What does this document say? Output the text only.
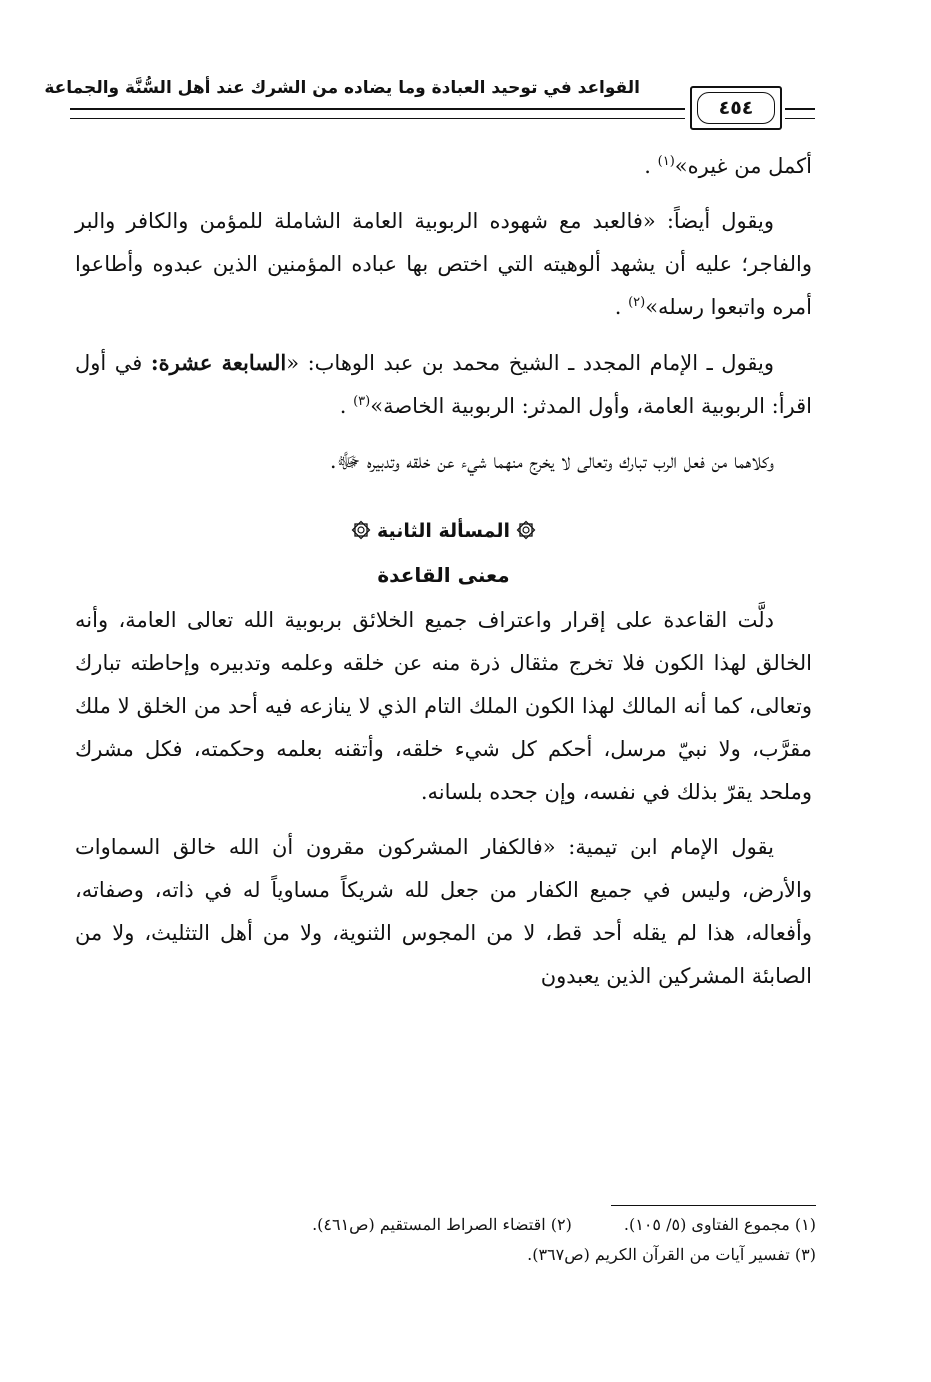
القواعد في توحيد العبادة وما يضاده من الشرك عند أهل السُّنَّة والجماعة
٤٥٤

أكمل من غيره»$^{(١)}$ .

ويقول أيضاً: «فالعبد مع شهوده الربوبية العامة الشاملة للمؤمن والكافر والبر والفاجر؛ عليه أن يشهد ألوهيته التي اختص بها عباده المؤمنين الذين عبدوه وأطاعوا أمره واتبعوا رسله»$^{(٢)}$ .

ويقول ـ الإمام المجدد ـ الشيخ محمد بن عبد الوهاب: «السابعة عشرة: في أول اقرأ: الربوبية العامة، وأول المدثر: الربوبية الخاصة»$^{(٣)}$ .

وكلاهما من فعل الرب تبارك وتعالى لا يخرج منهما شيء عن خلقه وتدبيره ﷻ.

المسألة الثانية

معنى القاعدة

دلَّت القاعدة على إقرار واعتراف جميع الخلائق بربوبية الله تعالى العامة، وأنه الخالق لهذا الكون فلا تخرج مثقال ذرة منه عن خلقه وعلمه وتدبيره وإحاطته تبارك وتعالى، كما أنه المالك لهذا الكون الملك التام الذي لا ينازعه فيه أحد من الخلق لا ملك مقرَّب، ولا نبيّ مرسل، أحكم كل شيء خلقه، وأتقنه بعلمه وحكمته، فكل مشرك وملحد يقرّ بذلك في نفسه، وإن جحده بلسانه.

يقول الإمام ابن تيمية: «فالكفار المشركون مقرون أن الله خالق السماوات والأرض، وليس في جميع الكفار من جعل لله شريكاً مساوياً له في ذاته، وصفاته، وأفعاله، هذا لم يقله أحد قط، لا من المجوس الثنوية، ولا من أهل التثليث، ولا من الصابئة المشركين الذين يعبدون

(١) مجموع الفتاوى (٥/ ١٠٥).(٢) اقتضاء الصراط المستقيم (ص٤٦١).
(٣) تفسير آيات من القرآن الكريم (ص٣٦٧).
